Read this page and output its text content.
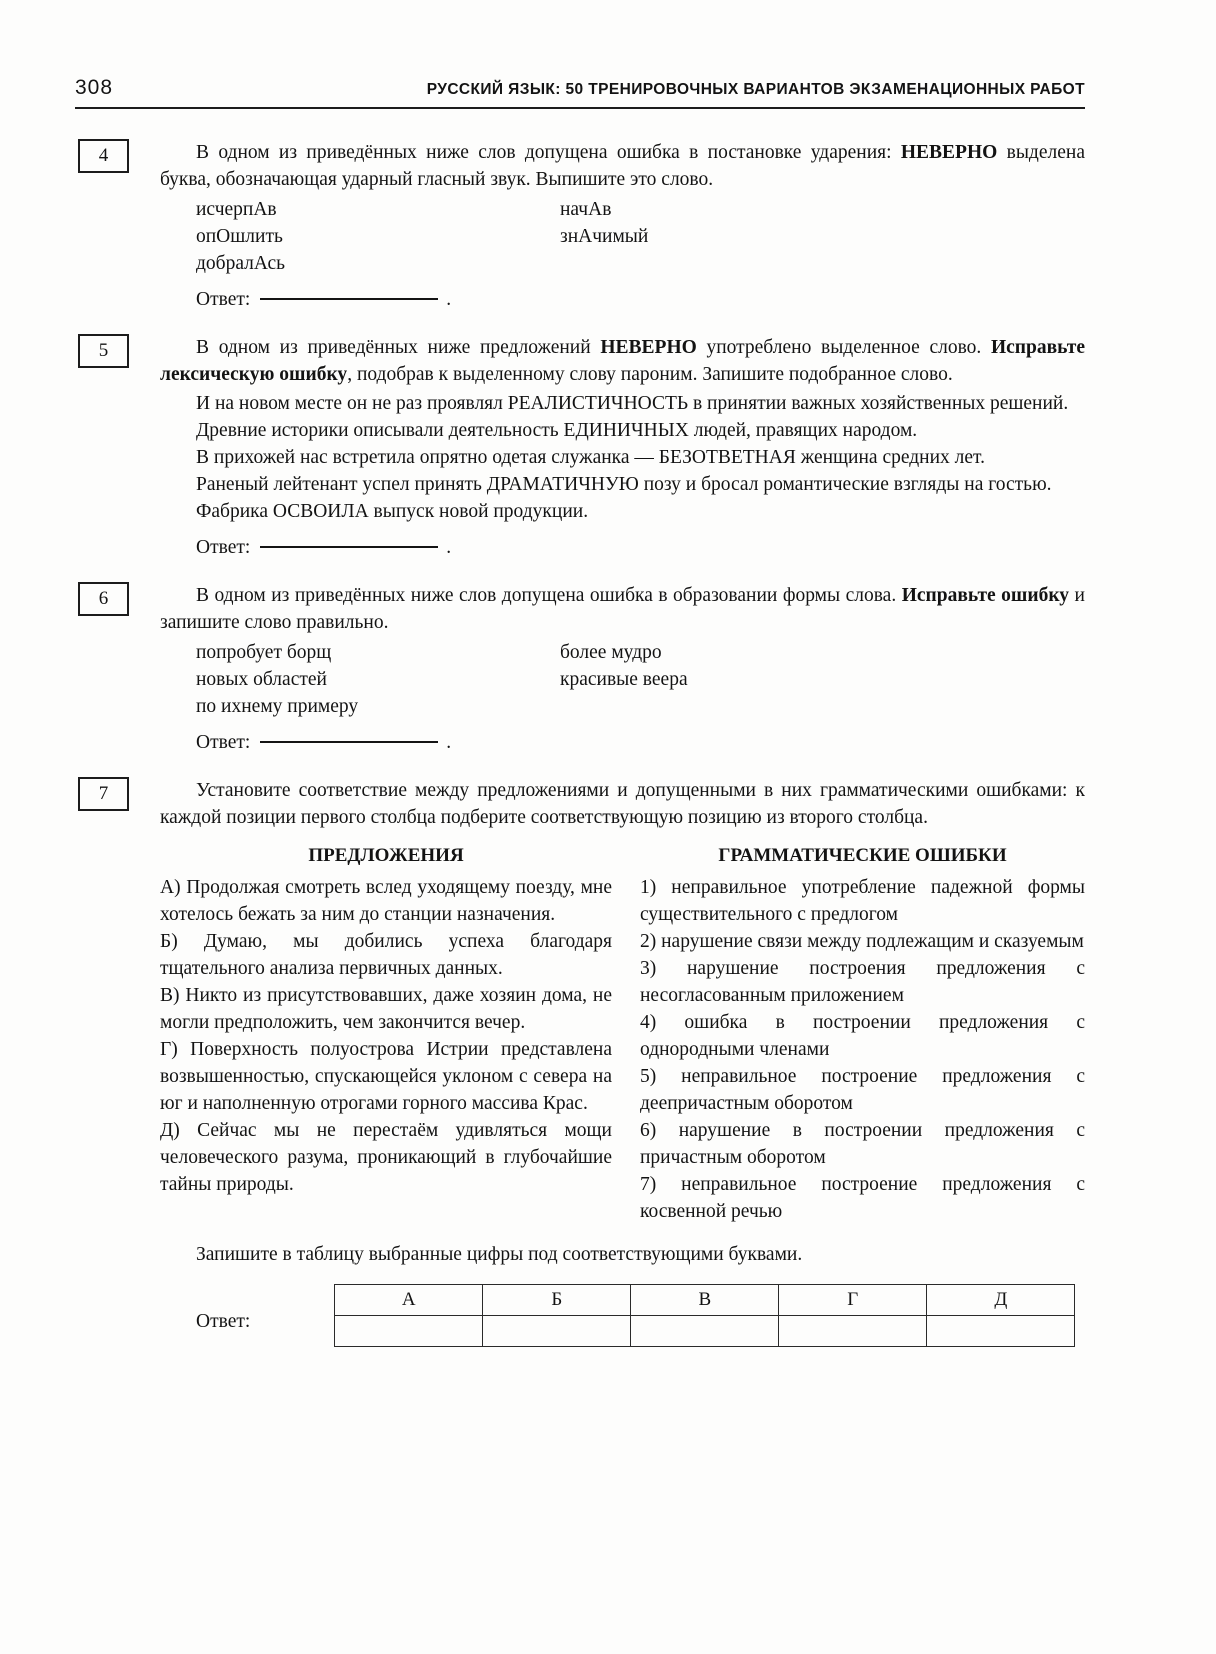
308	РУССКИЙ ЯЗЫК: 50 ТРЕНИРОВОЧНЫХ ВАРИАНТОВ ЭКЗАМЕНАЦИОННЫХ РАБОТ
4	В одном из приведённых ниже слов допущена ошибка в постановке ударения: НЕВЕРНО выделена буква, обозначающая ударный гласный звук. Выпишите это слово.

исчерпАв	начАв
опОшлить	знАчимый
добралАсь

Ответ:	.

5	В одном из приведённых ниже предложений НЕВЕРНО употреблено выделенное слово. Исправьте лексическую ошибку, подобрав к выделенному слову пароним. Запишите подобранное слово.

И на новом месте он не раз проявлял РЕАЛИСТИЧНОСТЬ в принятии важных хозяйственных решений.

Древние историки описывали деятельность ЕДИНИЧНЫХ людей, правящих народом.

В прихожей нас встретила опрятно одетая служанка — БЕЗОТВЕТНАЯ женщина средних лет.

Раненый лейтенант успел принять ДРАМАТИЧНУЮ позу и бросал романтические взгляды на гостью.

Фабрика ОСВОИЛА выпуск новой продукции.

Ответ:	.

6	В одном из приведённых ниже слов допущена ошибка в образовании формы слова. Исправьте ошибку и запишите слово правильно.

попробует борщ	более мудро
новых областей	красивые веера
по ихнему примеру

Ответ:	.

7	Установите соответствие между предложениями и допущенными в них грамматическими ошибками: к каждой позиции первого столбца подберите соответствующую позицию из второго столбца.

ПРЕДЛОЖЕНИЯ

А) Продолжая смотреть вслед уходящему поезду, мне хотелось бежать за ним до станции назначения.

Б) Думаю, мы добились успеха благодаря тщательного анализа первичных данных.

В) Никто из присутствовавших, даже хозяин дома, не могли предположить, чем закончится вечер.

Г) Поверхность полуострова Истрии представлена возвышенностью, спускающейся уклоном с севера на юг и наполненную отрогами горного массива Крас.

Д) Сейчас мы не перестаём удивляться мощи человеческого разума, проникающий в глубочайшие тайны природы.

ГРАММАТИЧЕСКИЕ ОШИБКИ

1) неправильное употребление падежной формы существительного с предлогом

2) нарушение связи между подлежащим и сказуемым

3) нарушение построения предложения с несогласованным приложением

4) ошибка в построении предложения с однородными членами

5) неправильное построение предложения с деепричастным оборотом

6) нарушение в построении предложения с причастным оборотом

7) неправильное построение предложения с косвенной речью

Запишите в таблицу выбранные цифры под соответствующими буквами.

Ответ:
А	Б	В	Г	Д
